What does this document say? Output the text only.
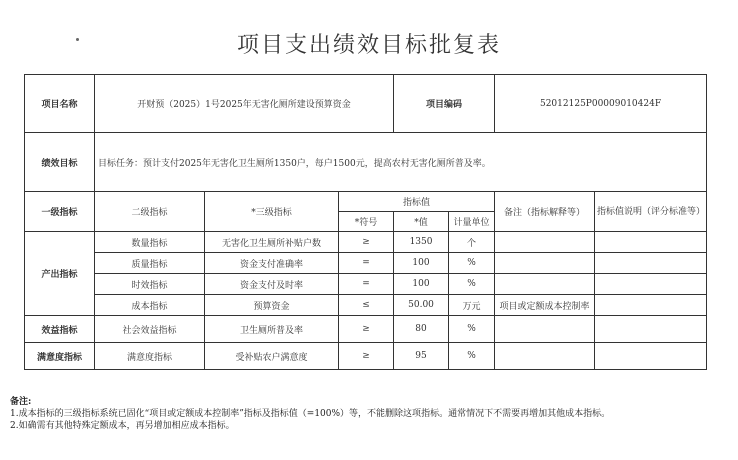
项目支出绩效目标批复表
项目名称	开财预（2025）1号2025年无害化厕所建设预算资金			项目编码		52012125P00009010424F	
绩效目标	目标任务：预计支付2025年无害化卫生厕所1350户，每户1500元，提高农村无害化厕所普及率。						
一级指标	二级指标	*三级指标	指标值			备注（指标解释等）	指标值说明（评分标准等）
			*符号	*值	计量单位		
产出指标	数量指标	无害化卫生厕所补贴户数	≥	1350	个		
	质量指标	资金支付准确率	=	100	%		
	时效指标	资金支付及时率	=	100	%		
	成本指标	预算资金	≤	50.00	万元	项目或定额成本控制率	
效益指标	社会效益指标	卫生厕所普及率	≥	80	%		
满意度指标	满意度指标	受补贴农户满意度	≥	95	%		
备注:
1.成本指标的三级指标系统已固化“项目或定额成本控制率”指标及指标值（=100%）等，不能删除这项指标。通常情况下不需要再增加其他成本指标。
2.如确需有其他特殊定额成本，再另增加相应成本指标。
